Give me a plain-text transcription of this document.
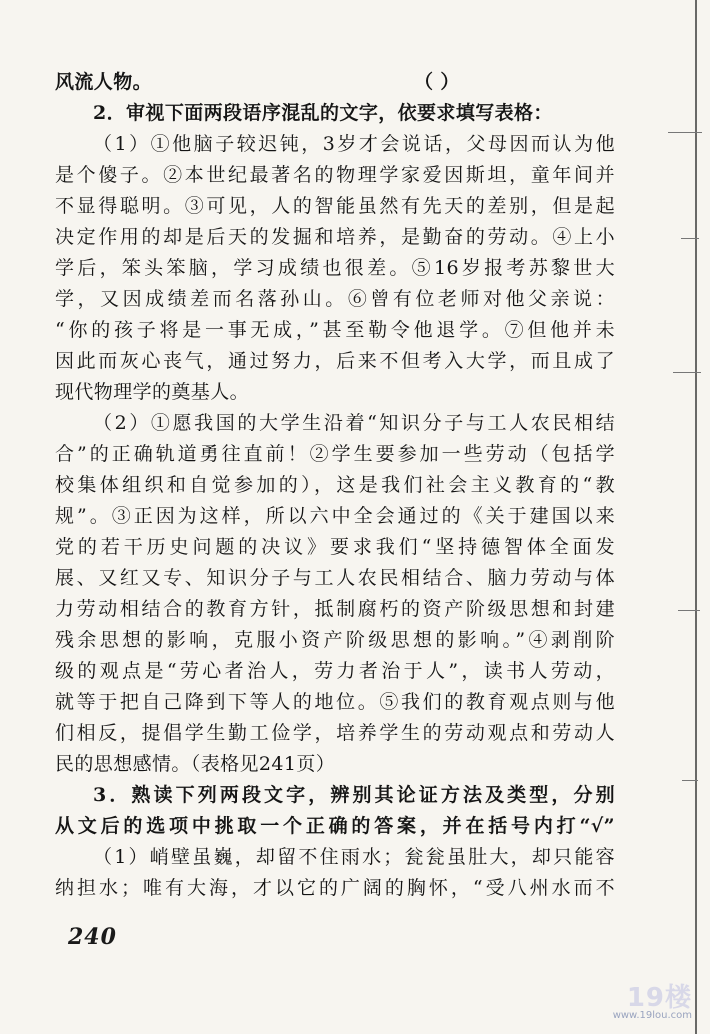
风流人物。	（ ）
2．审视下面两段语序混乱的文字，依要求填写表格：
（1）①他脑子较迟钝，3岁才会说话，父母因而认为他
是个傻子。②本世纪最著名的物理学家爱因斯坦，童年间并
不显得聪明。③可见，人的智能虽然有先天的差别，但是起
决定作用的却是后天的发掘和培养，是勤奋的劳动。④上小
学后，笨头笨脑，学习成绩也很差。⑤16岁报考苏黎世大
学，又因成绩差而名落孙山。⑥曾有位老师对他父亲说：
“你的孩子将是一事无成，”甚至勒令他退学。⑦但他并未
因此而灰心丧气，通过努力，后来不但考入大学，而且成了
现代物理学的奠基人。
（2）①愿我国的大学生沿着“知识分子与工人农民相结
合”的正确轨道勇往直前！②学生要参加一些劳动（包括学
校集体组织和自觉参加的），这是我们社会主义教育的“教
规”。③正因为这样，所以六中全会通过的《关于建国以来
党的若干历史问题的决议》要求我们“坚持德智体全面发
展、又红又专、知识分子与工人农民相结合、脑力劳动与体
力劳动相结合的教育方针，抵制腐朽的资产阶级思想和封建
残余思想的影响，克服小资产阶级思想的影响。”④剥削阶
级的观点是“劳心者治人，劳力者治于人”，读书人劳动，
就等于把自己降到下等人的地位。⑤我们的教育观点则与他
们相反，提倡学生勤工俭学，培养学生的劳动观点和劳动人
民的思想感情。（表格见241页）
3．熟读下列两段文字，辨别其论证方法及类型，分别
从文后的选项中挑取一个正确的答案，并在括号内打“√”
（1）峭壁虽巍，却留不住雨水；瓮瓮虽肚大，却只能容
纳担水；唯有大海，才以它的广阔的胸怀，“受八州水而不
240
19楼
www.19lou.com
